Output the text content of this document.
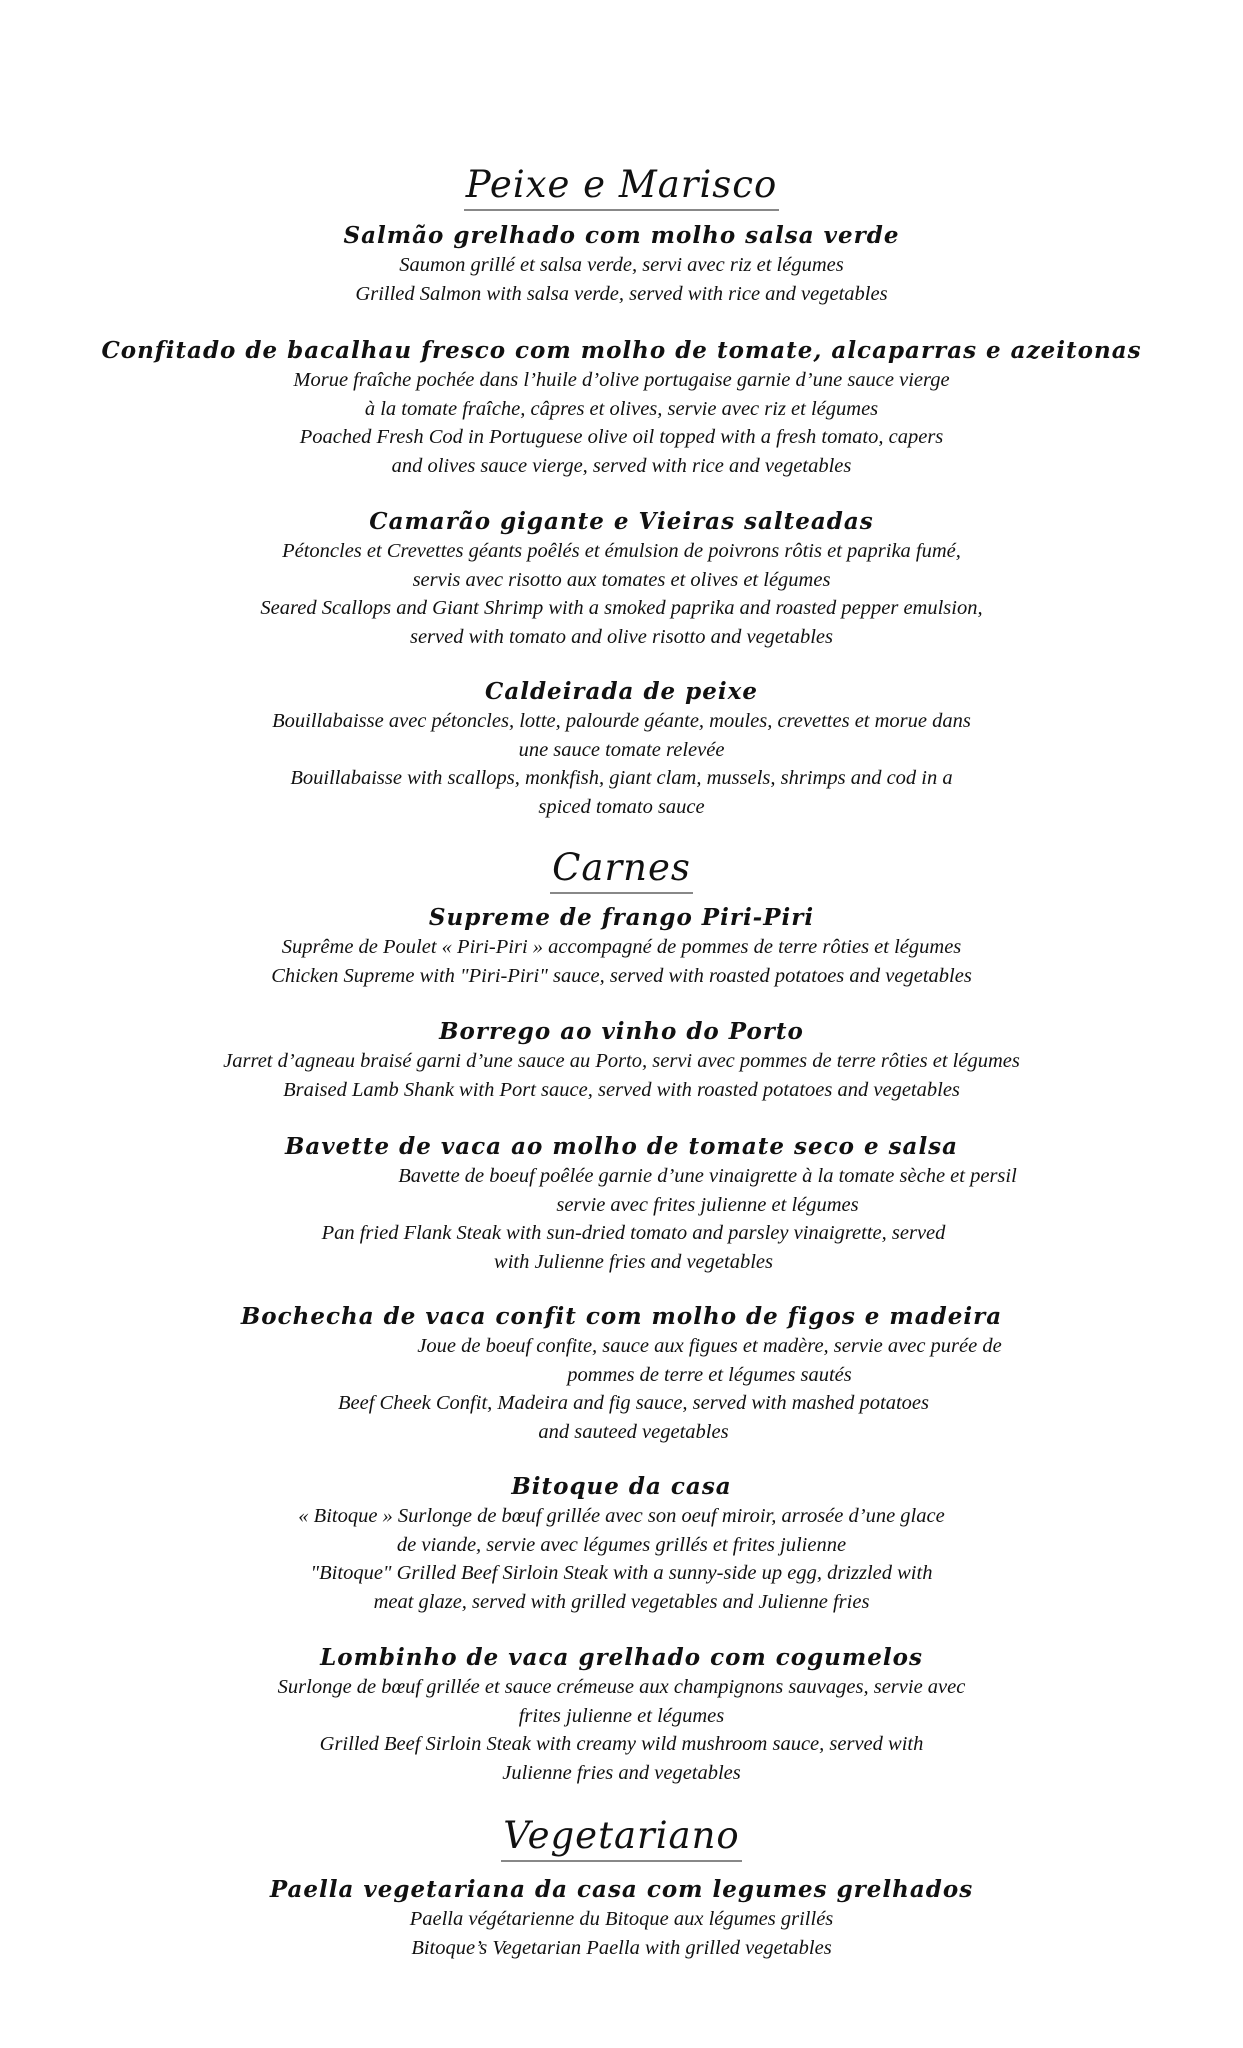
Peixe e Marisco

Salmão grelhado com molho salsa verde

Saumon grillé et salsa verde, servi avec riz et légumes

Grilled Salmon with salsa verde, served with rice and vegetables

Confitado de bacalhau fresco com molho de tomate, alcaparras e azeitonas

Morue fraîche pochée dans l’huile d’olive portugaise garnie d’une sauce vierge

à la tomate fraîche, câpres et olives, servie avec riz et légumes

Poached Fresh Cod in Portuguese olive oil topped with a fresh tomato, capers

and olives sauce vierge, served with rice and vegetables

Camarão gigante e Vieiras salteadas

Pétoncles et Crevettes géants poêlés et émulsion de poivrons rôtis et paprika fumé,

servis avec risotto aux tomates et olives et légumes

Seared Scallops and Giant Shrimp with a smoked paprika and roasted pepper emulsion,

served with tomato and olive risotto and vegetables

Caldeirada de peixe

Bouillabaisse avec pétoncles, lotte, palourde géante, moules, crevettes et morue dans

une sauce tomate relevée

Bouillabaisse with scallops, monkfish, giant clam, mussels, shrimps and cod in a

spiced tomato sauce

Carnes

Supreme de frango Piri-Piri

Suprême de Poulet « Piri-Piri » accompagné de pommes de terre rôties et légumes

Chicken Supreme with "Piri-Piri" sauce, served with roasted potatoes and vegetables

Borrego ao vinho do Porto

Jarret d’agneau braisé garni d’une sauce au Porto, servi avec pommes de terre rôties et légumes

Braised Lamb Shank with Port sauce, served with roasted potatoes and vegetables

Bavette de vaca ao molho de tomate seco e salsa

Bavette de boeuf poêlée garnie d’une vinaigrette à la tomate sèche et persil

servie avec frites julienne et légumes

Pan fried Flank Steak with sun-dried tomato and parsley vinaigrette, served

with Julienne fries and vegetables

Bochecha de vaca confit com molho de figos e madeira

Joue de boeuf confite, sauce aux figues et madère, servie avec purée de

pommes de terre et légumes sautés

Beef Cheek Confit, Madeira and fig sauce, served with mashed potatoes

and sauteed vegetables

Bitoque da casa

« Bitoque » Surlonge de bœuf grillée avec son oeuf miroir, arrosée d’une glace

de viande, servie avec légumes grillés et frites julienne

"Bitoque" Grilled Beef Sirloin Steak with a sunny-side up egg, drizzled with

meat glaze, served with grilled vegetables and Julienne fries

Lombinho de vaca grelhado com cogumelos

Surlonge de bœuf grillée et sauce crémeuse aux champignons sauvages, servie avec

frites julienne et légumes

Grilled Beef Sirloin Steak with creamy wild mushroom sauce, served with

Julienne fries and vegetables

Vegetariano

Paella vegetariana da casa com legumes grelhados

Paella végétarienne du Bitoque aux légumes grillés

Bitoque’s Vegetarian Paella with grilled vegetables
